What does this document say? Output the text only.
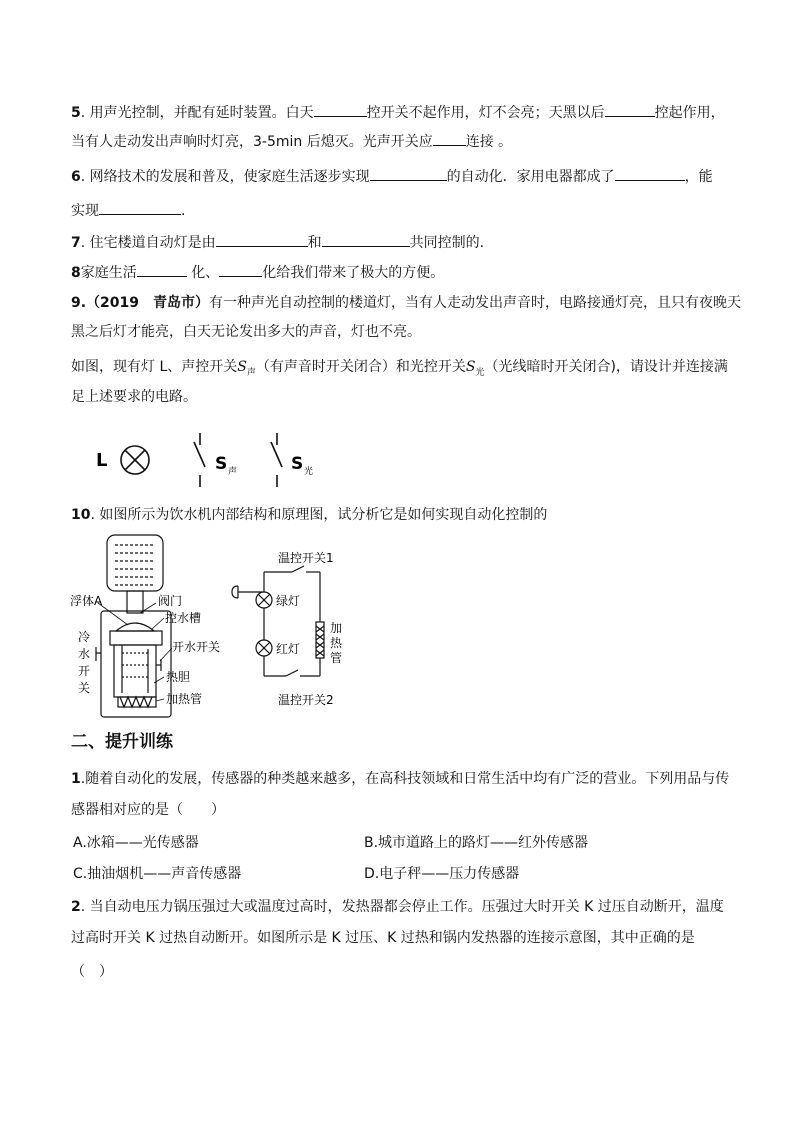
5. 用声光控制，并配有延时装置。白天	控开关不起作用，灯不会亮；天黑以后	控起作用，
当有人走动发出声响时灯亮，3-5min 后熄灭。光声开关应 连接 。
6. 网络技术的发展和普及，使家庭生活逐步实现	的自动化．家用电器都成了	，能
实现	.
7. 住宅楼道自动灯是由	和	共同控制的.
8家庭生活	化、	化给我们带来了极大的方便。
9.（2019　青岛市）有一种声光自动控制的楼道灯，当有人走动发出声音时，电路接通灯亮，且只有夜晚天
黑之后灯才能亮，白天无论发出多大的声音，灯也不亮。
如图，现有灯 L、声控开关$S_声$（有声音时开关闭合）和光控开关$S_光$（光线暗时开关闭合)，请设计并连接满
足上述要求的电路。
L	S 声	S 光
10. 如图所示为饮水机内部结构和原理图，试分析它是如何实现自动化控制的
浮体A	阀门
控水槽
开水开关
冷
水
开
关
热胆
加热管
温控开关1
绿灯
红灯
加
热
管
温控开关2
二、提升训练
1.随着自动化的发展，传感器的种类越来越多，在高科技领域和日常生活中均有广泛的营业。下列用品与传
感器相对应的是（　　）
A.冰箱——光传感器	B.城市道路上的路灯——红外传感器
C.抽油烟机——声音传感器	D.电子秤——压力传感器
2. 当自动电压力锅压强过大或温度过高时，发热器都会停止工作。压强过大时开关 K 过压自动断开，温度
过高时开关 K 过热自动断开。如图所示是 K 过压、K 过热和锅内发热器的连接示意图，其中正确的是
（　）
